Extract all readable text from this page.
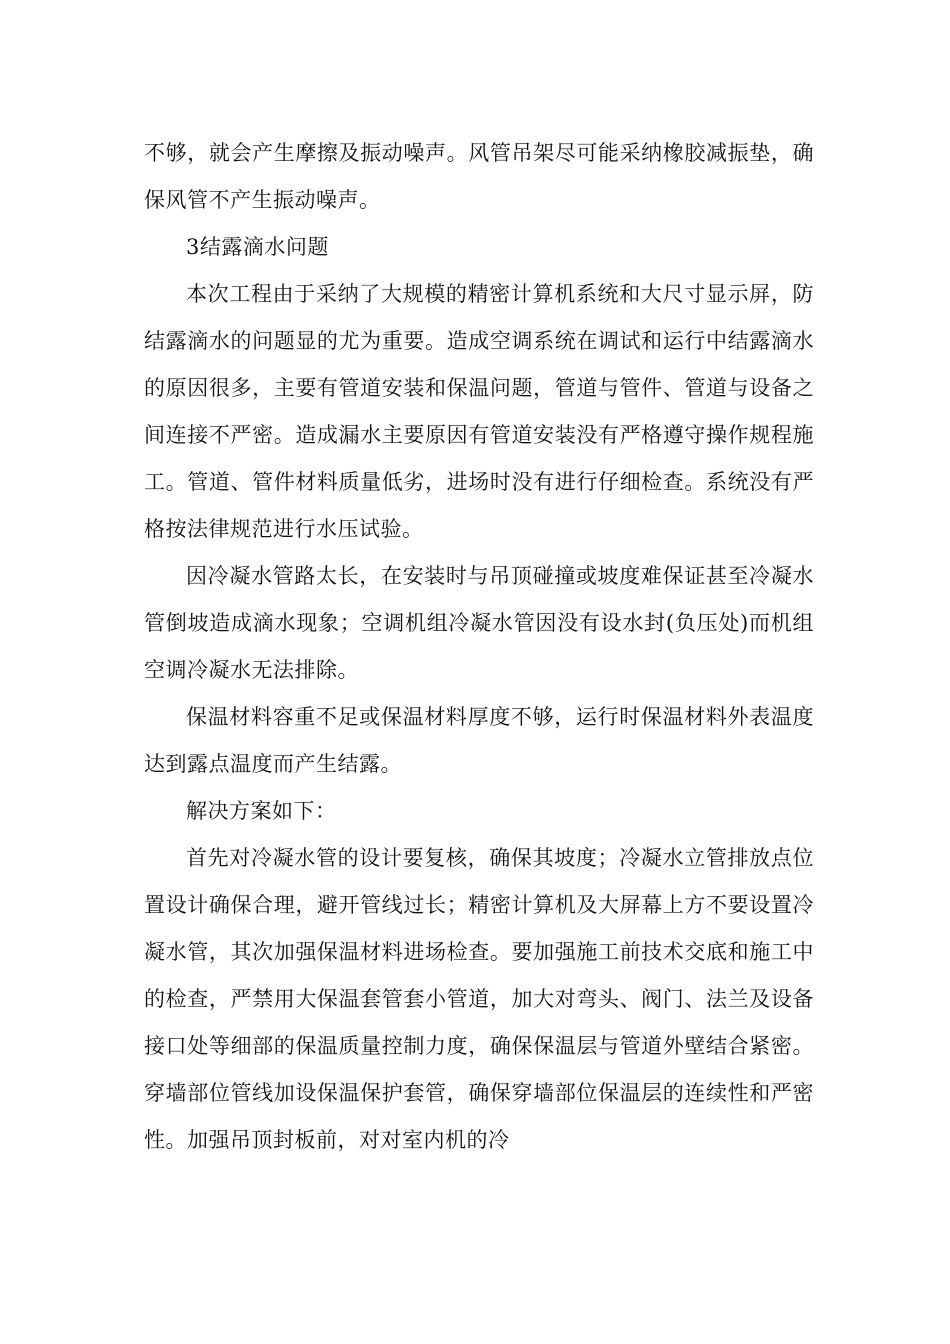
不够，就会产生摩擦及振动噪声。风管吊架尽可能采纳橡胶减振垫，确保风管不产生振动噪声。

3结露滴水问题

本次工程由于采纳了大规模的精密计算机系统和大尺寸显示屏，防结露滴水的问题显的尤为重要。造成空调系统在调试和运行中结露滴水的原因很多，主要有管道安装和保温问题，管道与管件、管道与设备之间连接不严密。造成漏水主要原因有管道安装没有严格遵守操作规程施工。管道、管件材料质量低劣，进场时没有进行仔细检查。系统没有严格按法律规范进行水压试验。

因冷凝水管路太长，在安装时与吊顶碰撞或坡度难保证甚至冷凝水管倒坡造成滴水现象；空调机组冷凝水管因没有设水封(负压处)而机组空调冷凝水无法排除。

保温材料容重不足或保温材料厚度不够，运行时保温材料外表温度达到露点温度而产生结露。

解决方案如下：

首先对冷凝水管的设计要复核，确保其坡度；冷凝水立管排放点位置设计确保合理，避开管线过长；精密计算机及大屏幕上方不要设置冷凝水管，其次加强保温材料进场检查。要加强施工前技术交底和施工中的检查，严禁用大保温套管套小管道，加大对弯头、阀门、法兰及设备接口处等细部的保温质量控制力度，确保保温层与管道外壁结合紧密。穿墙部位管线加设保温保护套管，确保穿墙部位保温层的连续性和严密性。加强吊顶封板前，对对室内机的冷
